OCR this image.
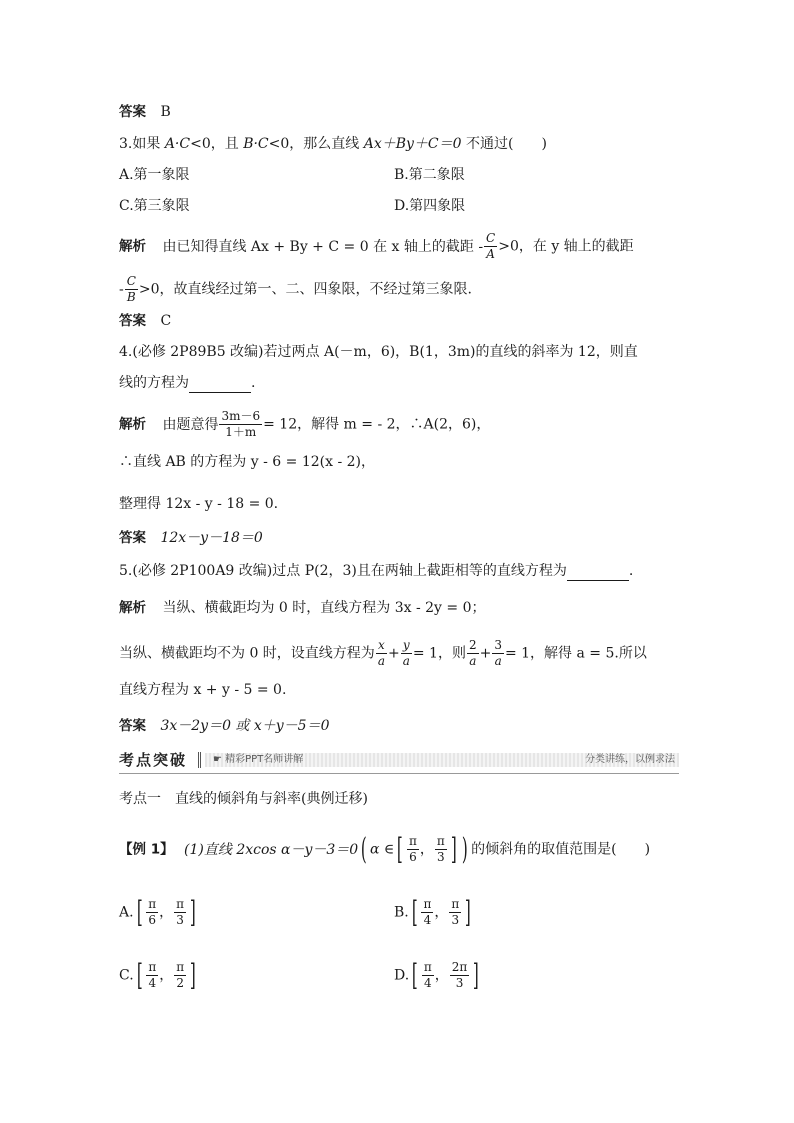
答案 B
3.如果 A·C<0，且 B·C<0，那么直线 Ax＋By＋C＝0 不通过(　　)
A.第一象限	B.第二象限
C.第三象限	D.第四象限
解析 由已知得直线 Ax + By + C = 0 在 x 轴上的截距 - $\frac{C}{A} >0$，在 y 轴上的截距
- $\frac{C}{B} >0$，故直线经过第一、二、四象限，不经过第三象限.
答案 C
4.(必修 2P89B5 改编)若过两点 A(－m，6)，B(1，3m)的直线的斜率为 12，则直
线的方程为	.
解析 由题意得 $\frac{3m-6}{1+m} = 12$，解得 m = - 2，∴A(2，6)，
∴直线 AB 的方程为 y - 6 = 12(x - 2)，
整理得 12x - y - 18 = 0.
答案 12x－y－18＝0
5.(必修 2P100A9 改编)过点 P(2，3)且在两轴上截距相等的直线方程为	.
解析 当纵、横截距均为 0 时，直线方程为 3x - 2y = 0；
当纵、横截距均不为 0 时，设直线方程为 $\frac{x}{a} + \frac{y}{a} = 1$，则 $\frac{2}{a} + \frac{3}{a} = 1$，解得 a = 5.所以
直线方程为 x + y - 5 = 0.
答案 3x－2y＝0 或 x＋y－5＝0
考点突破	☛ 精彩PPT名师讲解	分类讲练，以例求法
考点一　直线的倾斜角与斜率(典例迁移)
【例 1】 (1)直线 2xcos α－y－3＝0( α ∈[ $\frac{\pi}{6}$ ， $\frac{\pi}{3}$ ] ) 的倾斜角的取值范围是(　　)
$A.[ \frac{\pi}{6}$ ， $\frac{\pi}{3}$ ]	$B.[ \frac{\pi}{4}$ ， $\frac{\pi}{3}$ ]
$C.[ \frac{\pi}{4}$ ， $\frac{\pi}{2}$ ]	$D.[ \frac{\pi}{4}$ ， $\frac{2\pi}{3}$ ]
